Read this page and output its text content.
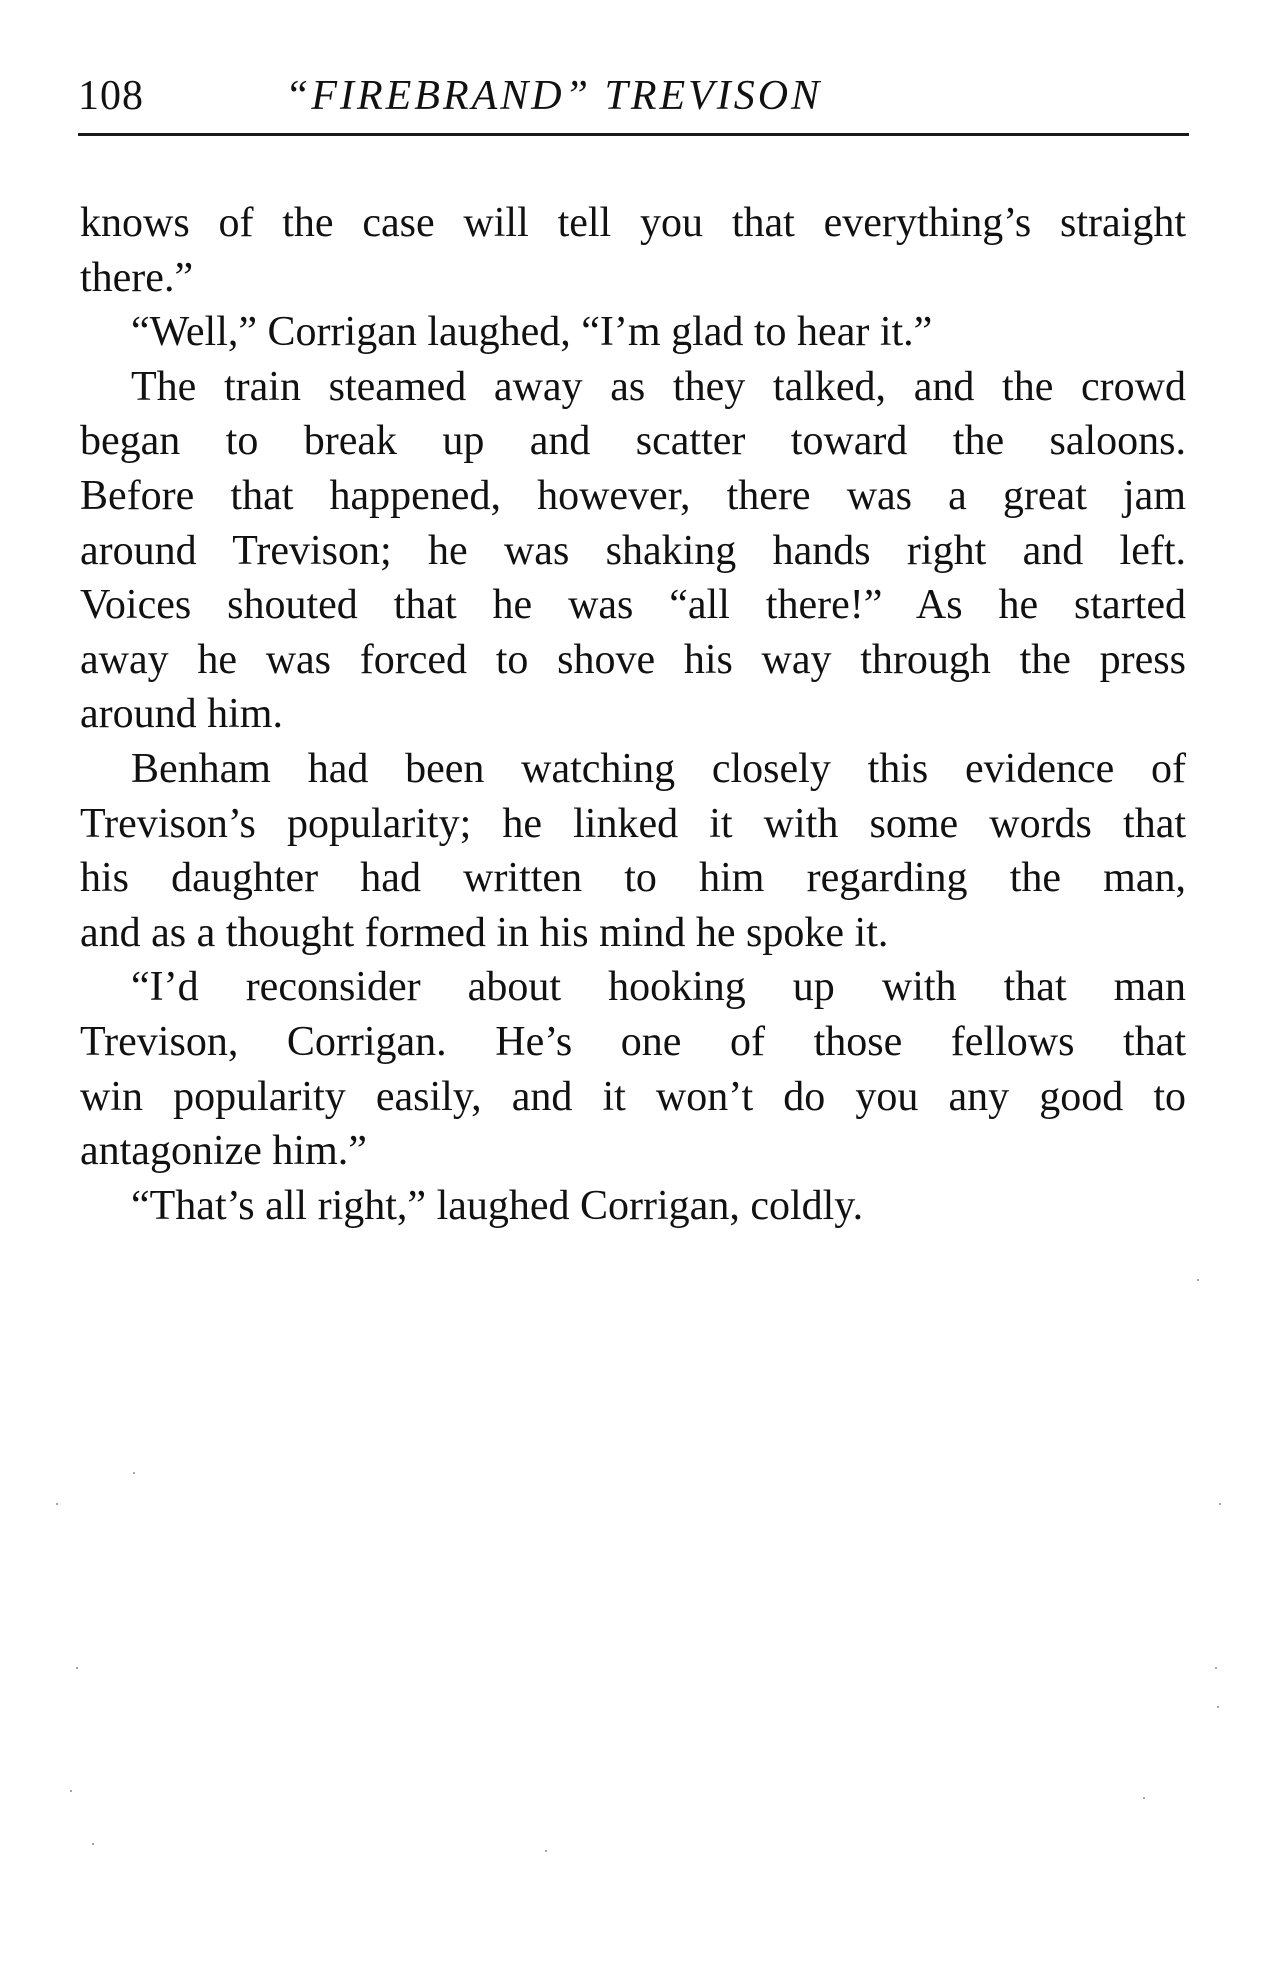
108	“FIREBRAND” TREVISON
knows of the case will tell you that everything’s straight
there.”
“Well,” Corrigan laughed, “I’m glad to hear it.”
The train steamed away as they talked, and the crowd
began to break up and scatter toward the saloons.
Before that happened, however, there was a great jam
around Trevison; he was shaking hands right and left.
Voices shouted that he was “all there!” As he started
away he was forced to shove his way through the press
around him.
Benham had been watching closely this evidence of
Trevison’s popularity; he linked it with some words that
his daughter had written to him regarding the man,
and as a thought formed in his mind he spoke it.
“I’d reconsider about hooking up with that man
Trevison, Corrigan. He’s one of those fellows that
win popularity easily, and it won’t do you any good to
antagonize him.”
“That’s all right,” laughed Corrigan, coldly.
